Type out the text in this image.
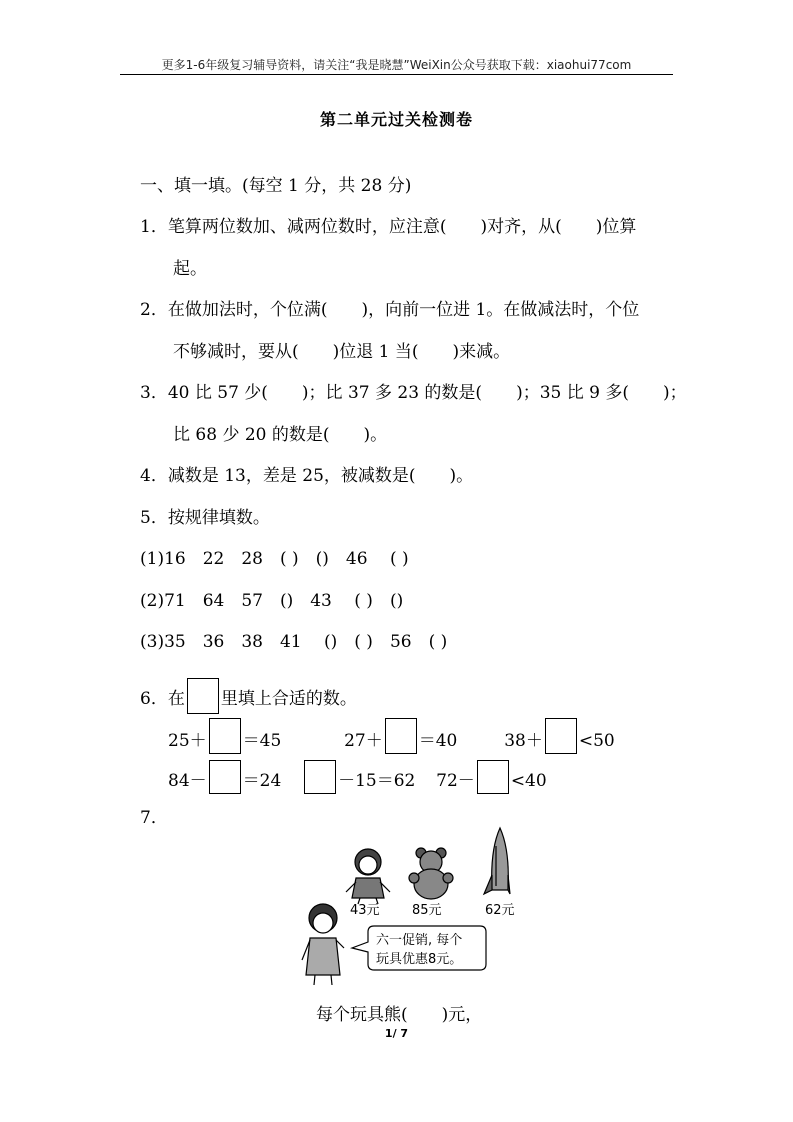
更多1-6年级复习辅导资料，请关注“我是晓慧”WeiXin公众号获取下载：xiaohui77com
第二单元过关检测卷
一、填一填。(每空 1 分，共 28 分)
1．笔算两位数加、减两位数时，应注意(　　)对齐，从(　　)位算
起。
2．在做加法时，个位满(　　)，向前一位进 1。在做减法时，个位
不够减时，要从(　　)位退 1 当(　　)来减。
3．40 比 57 少(　　)；比 37 多 23 的数是(　　)；35 比 9 多(　　)；
比 68 少 20 的数是(　　)。
4．减数是 13，差是 25，被减数是(　　)。
5．按规律填数。
(1)16　22　28　( )　()　46　 ( )
(2)71　64　57　()　43　 ( )　()
(3)35　36　38　41　 ()　( )　56　( )
6．在 里填上合适的数。
25＋ ＝45	27＋ ＝40	38＋ <50
84－ ＝24	－15＝62 72－ <40
7．
43元 85元	62元
六一促销, 每个
玩具优惠8元。
每个玩具熊(　　)元，
1/ 7
